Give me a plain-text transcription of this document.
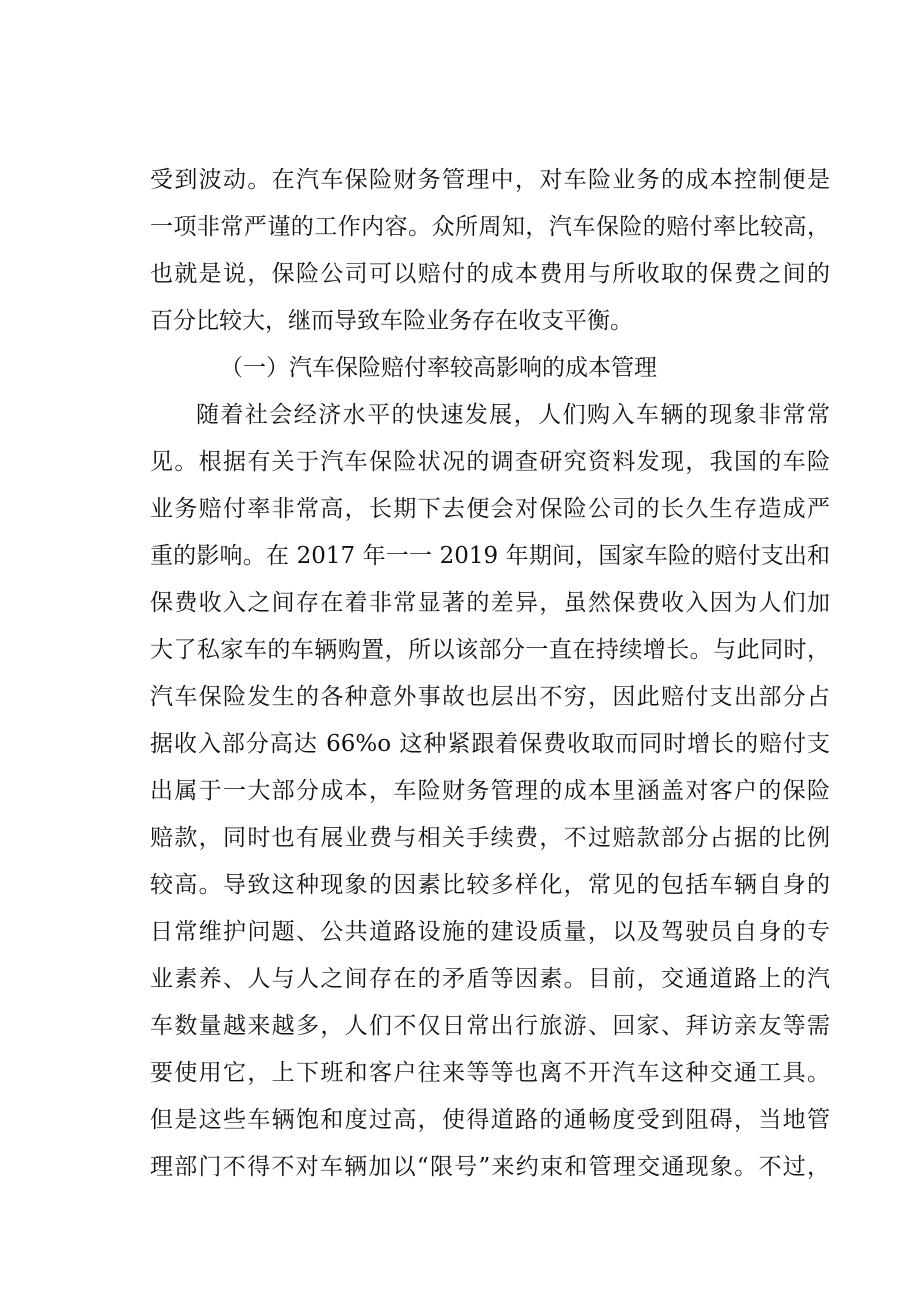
受到波动。在汽车保险财务管理中，对车险业务的成本控制便是
一项非常严谨的工作内容。众所周知，汽车保险的赔付率比较高，
也就是说，保险公司可以赔付的成本费用与所收取的保费之间的
百分比较大，继而导致车险业务存在收支平衡。
（一）汽车保险赔付率较高影响的成本管理
随着社会经济水平的快速发展，人们购入车辆的现象非常常
见。根据有关于汽车保险状况的调查研究资料发现，我国的车险
业务赔付率非常高，长期下去便会对保险公司的长久生存造成严
重的影响。在 2017 年一一 2019 年期间，国家车险的赔付支出和
保费收入之间存在着非常显著的差异，虽然保费收入因为人们加
大了私家车的车辆购置，所以该部分一直在持续增长。与此同时，
汽车保险发生的各种意外事故也层出不穷，因此赔付支出部分占
据收入部分高达 66%o 这种紧跟着保费收取而同时增长的赔付支
出属于一大部分成本，车险财务管理的成本里涵盖对客户的保险
赔款，同时也有展业费与相关手续费，不过赔款部分占据的比例
较高。导致这种现象的因素比较多样化，常见的包括车辆自身的
日常维护问题、公共道路设施的建设质量，以及驾驶员自身的专
业素养、人与人之间存在的矛盾等因素。目前，交通道路上的汽
车数量越来越多，人们不仅日常出行旅游、回家、拜访亲友等需
要使用它，上下班和客户往来等等也离不开汽车这种交通工具。
但是这些车辆饱和度过高，使得道路的通畅度受到阻碍，当地管
理部门不得不对车辆加以“限号”来约束和管理交通现象。不过，
